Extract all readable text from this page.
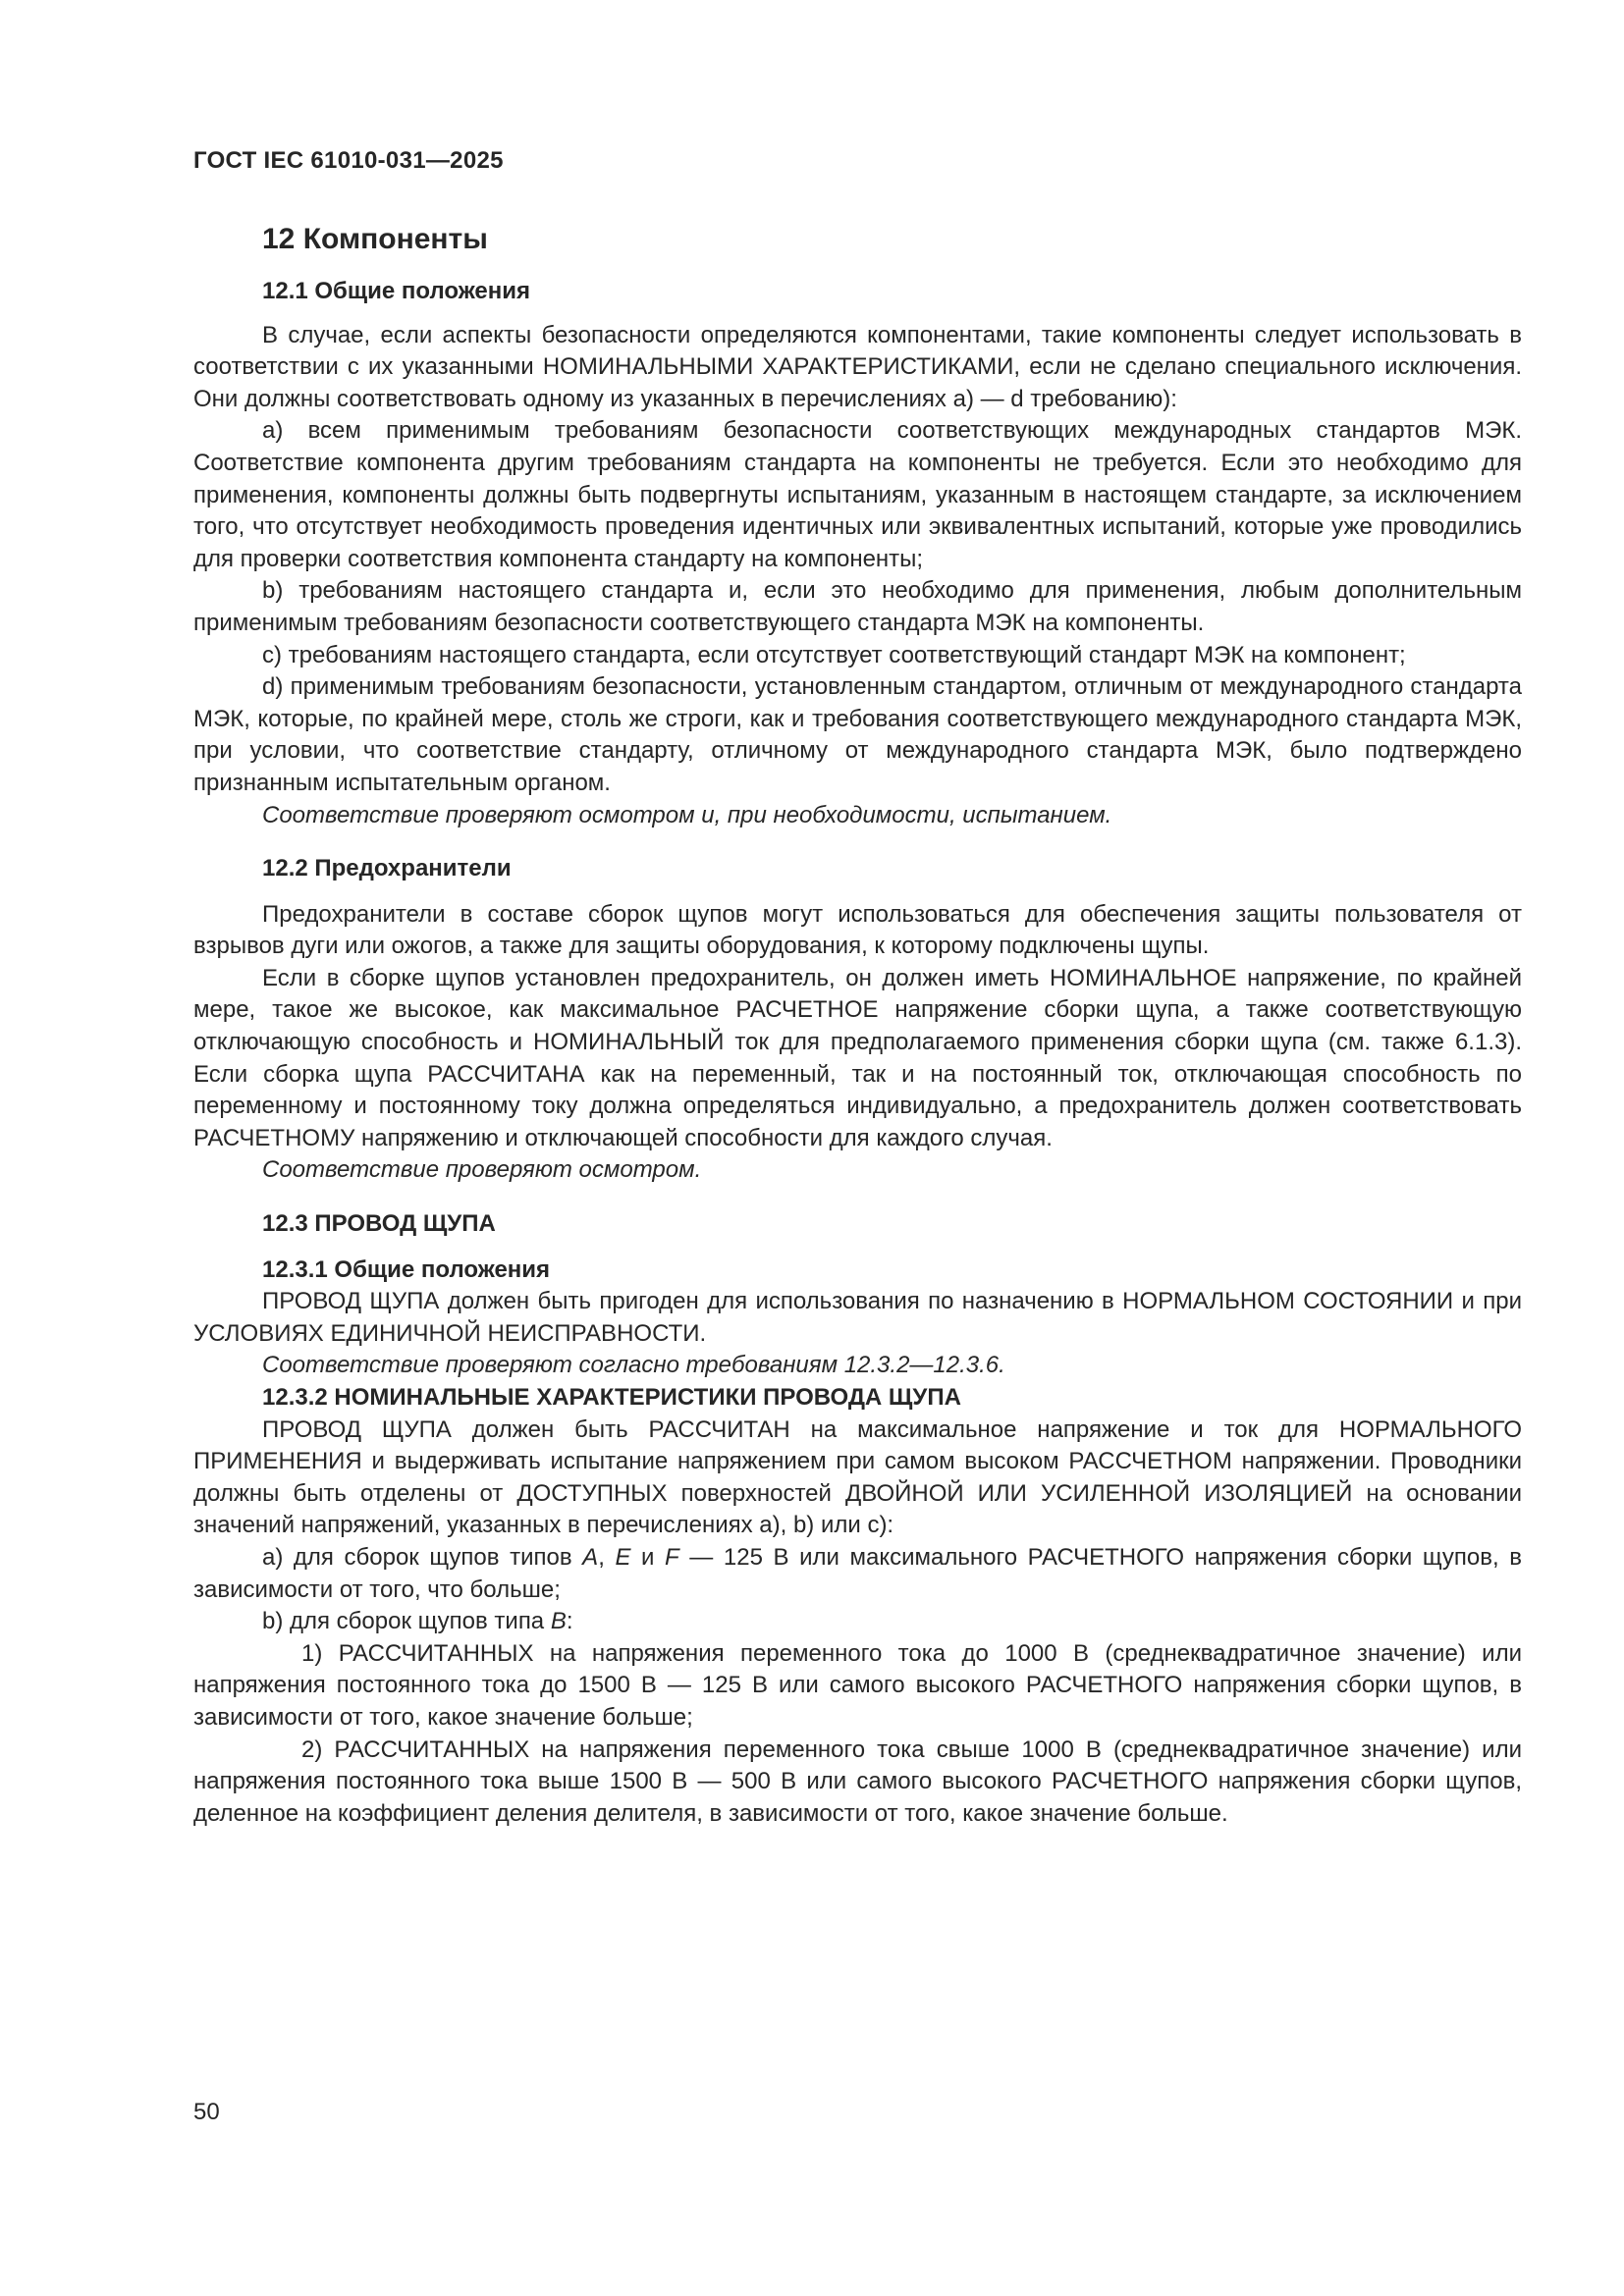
ГОСТ IEC 61010-031—2025

12 Компоненты

12.1 Общие положения

В случае, если аспекты безопасности определяются компонентами, такие компоненты следует использовать в соответствии с их указанными НОМИНАЛЬНЫМИ ХАРАКТЕРИСТИКАМИ, если не сделано специального исключения. Они должны соответствовать одному из указанных в перечислениях а) — d требованию):

a) всем применимым требованиям безопасности соответствующих международных стандартов МЭК. Соответствие компонента другим требованиям стандарта на компоненты не требуется. Если это необходимо для применения, компоненты должны быть подвергнуты испытаниям, указанным в настоящем стандарте, за исключением того, что отсутствует необходимость проведения идентичных или эквивалентных испытаний, которые уже проводились для проверки соответствия компонента стандарту на компоненты;

b) требованиям настоящего стандарта и, если это необходимо для применения, любым дополнительным применимым требованиям безопасности соответствующего стандарта МЭК на компоненты.

c) требованиям настоящего стандарта, если отсутствует соответствующий стандарт МЭК на компонент;

d) применимым требованиям безопасности, установленным стандартом, отличным от международного стандарта МЭК, которые, по крайней мере, столь же строги, как и требования соответствующего международного стандарта МЭК, при условии, что соответствие стандарту, отличному от международного стандарта МЭК, было подтверждено признанным испытательным органом.

Соответствие проверяют осмотром и, при необходимости, испытанием.

12.2 Предохранители

Предохранители в составе сборок щупов могут использоваться для обеспечения защиты пользователя от взрывов дуги или ожогов, а также для защиты оборудования, к которому подключены щупы.

Если в сборке щупов установлен предохранитель, он должен иметь НОМИНАЛЬНОЕ напряжение, по крайней мере, такое же высокое, как максимальное РАСЧЕТНОЕ напряжение сборки щупа, а также соответствующую отключающую способность и НОМИНАЛЬНЫЙ ток для предполагаемого применения сборки щупа (см. также 6.1.3). Если сборка щупа РАССЧИТАНА как на переменный, так и на постоянный ток, отключающая способность по переменному и постоянному току должна определяться индивидуально, а предохранитель должен соответствовать РАСЧЕТНОМУ напряжению и отключающей способности для каждого случая.

Соответствие проверяют осмотром.

12.3 ПРОВОД ЩУПА

12.3.1 Общие положения

ПРОВОД ЩУПА должен быть пригоден для использования по назначению в НОРМАЛЬНОМ СОСТОЯНИИ и при УСЛОВИЯХ ЕДИНИЧНОЙ НЕИСПРАВНОСТИ.

Соответствие проверяют согласно требованиям 12.3.2—12.3.6.

12.3.2 НОМИНАЛЬНЫЕ ХАРАКТЕРИСТИКИ ПРОВОДА ЩУПА

ПРОВОД ЩУПА должен быть РАССЧИТАН на максимальное напряжение и ток для НОРМАЛЬНОГО ПРИМЕНЕНИЯ и выдерживать испытание напряжением при самом высоком РАССЧЕТНОМ напряжении. Проводники должны быть отделены от ДОСТУПНЫХ поверхностей ДВОЙНОЙ ИЛИ УСИЛЕННОЙ ИЗОЛЯЦИЕЙ на основании значений напряжений, указанных в перечислениях a), b) или c):

a) для сборок щупов типов A, E и F — 125 В или максимального РАСЧЕТНОГО напряжения сборки щупов, в зависимости от того, что больше;

b) для сборок щупов типа B:

1) РАССЧИТАННЫХ на напряжения переменного тока до 1000 В (среднеквадратичное значение) или напряжения постоянного тока до 1500 В — 125 В или самого высокого РАСЧЕТНОГО напряжения сборки щупов, в зависимости от того, какое значение больше;

2) РАССЧИТАННЫХ на напряжения переменного тока свыше 1000 В (среднеквадратичное значение) или напряжения постоянного тока выше 1500 В — 500 В или самого высокого РАСЧЕТНОГО напряжения сборки щупов, деленное на коэффициент деления делителя, в зависимости от того, какое значение больше.

50
